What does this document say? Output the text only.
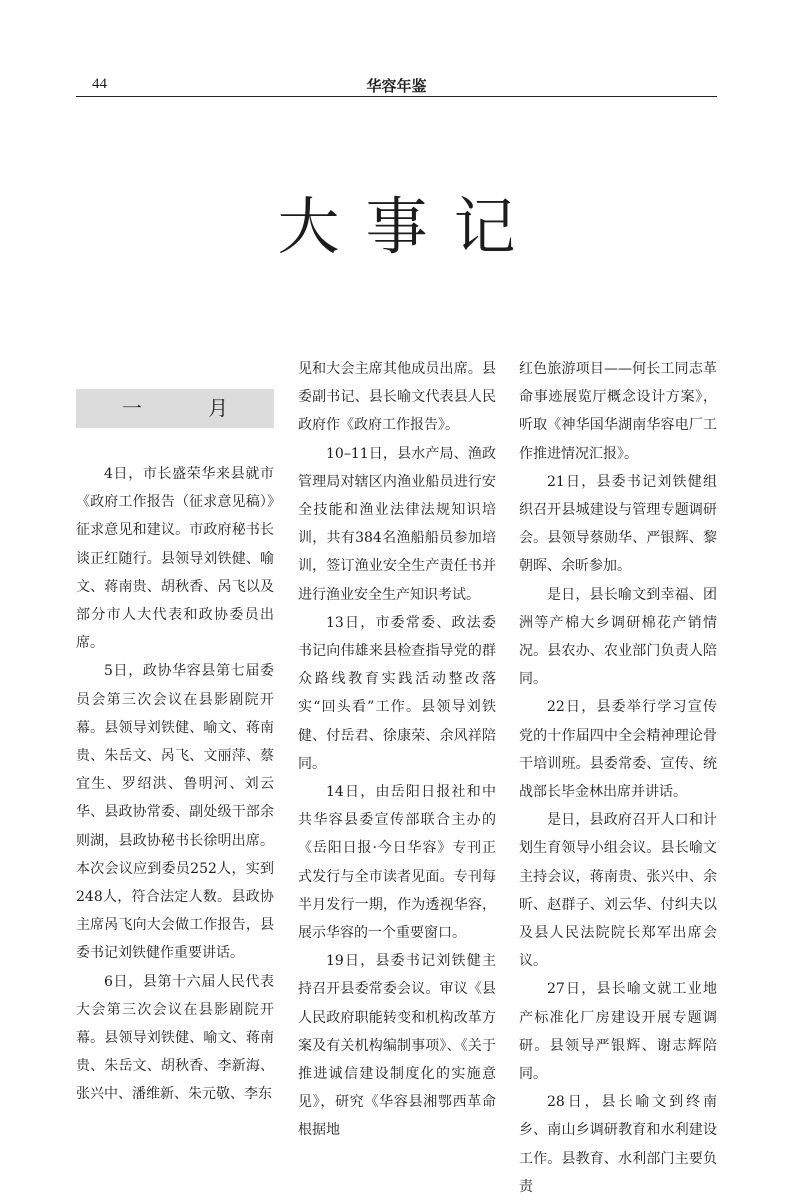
44	华容年鉴
大事记
一 月

4日，市长盛荣华来县就市《政府工作报告（征求意见稿）》征求意见和建议。市政府秘书长谈正红随行。县领导刘铁健、喻文、蒋南贵、胡秋香、呙飞以及部分市人大代表和政协委员出席。

5日，政协华容县第七届委员会第三次会议在县影剧院开幕。县领导刘铁健、喻文、蒋南贵、朱岳文、呙飞、文丽萍、蔡宜生、罗绍洪、鲁明河、刘云华、县政协常委、副处级干部余则湖，县政协秘书长徐明出席。本次会议应到委员252人，实到248人，符合法定人数。县政协主席呙飞向大会做工作报告，县委书记刘铁健作重要讲话。

6日，县第十六届人民代表大会第三次会议在县影剧院开幕。县领导刘铁健、喻文、蒋南贵、朱岳文、胡秋香、李新海、张兴中、潘维新、朱元敬、李东

见和大会主席其他成员出席。县委副书记、县长喻文代表县人民政府作《政府工作报告》。

10–11日，县水产局、渔政管理局对辖区内渔业船员进行安全技能和渔业法律法规知识培训，共有384名渔船船员参加培训，签订渔业安全生产责任书并进行渔业安全生产知识考试。

13日，市委常委、政法委书记向伟雄来县检查指导党的群众路线教育实践活动整改落实“回头看”工作。县领导刘铁健、付岳君、徐康荣、余风祥陪同。

14日，由岳阳日报社和中共华容县委宣传部联合主办的《岳阳日报·今日华容》专刊正式发行与全市读者见面。专刊每半月发行一期，作为透视华容，展示华容的一个重要窗口。

19日，县委书记刘铁健主持召开县委常委会议。审议《县人民政府职能转变和机构改革方案及有关机构编制事项》、《关于推进诚信建设制度化的实施意见》，研究《华容县湘鄂西革命根据地

红色旅游项目——何长工同志革命事迹展览厅概念设计方案》，听取《神华国华湖南华容电厂工作推进情况汇报》。

21日，县委书记刘铁健组织召开县城建设与管理专题调研会。县领导蔡勋华、严银辉、黎朝晖、余昕参加。

是日，县长喻文到幸福、团洲等产棉大乡调研棉花产销情况。县农办、农业部门负责人陪同。

22日，县委举行学习宣传党的十作届四中全会精神理论骨干培训班。县委常委、宣传、统战部长毕金林出席并讲话。

是日，县政府召开人口和计划生育领导小组会议。县长喻文主持会议，蒋南贵、张兴中、余昕、赵群子、刘云华、付纠夫以及县人民法院院长郑军出席会议。

27日，县长喻文就工业地产标准化厂房建设开展专题调研。县领导严银辉、谢志辉陪同。

28日，县长喻文到终南乡、南山乡调研教育和水利建设工作。县教育、水利部门主要负责
